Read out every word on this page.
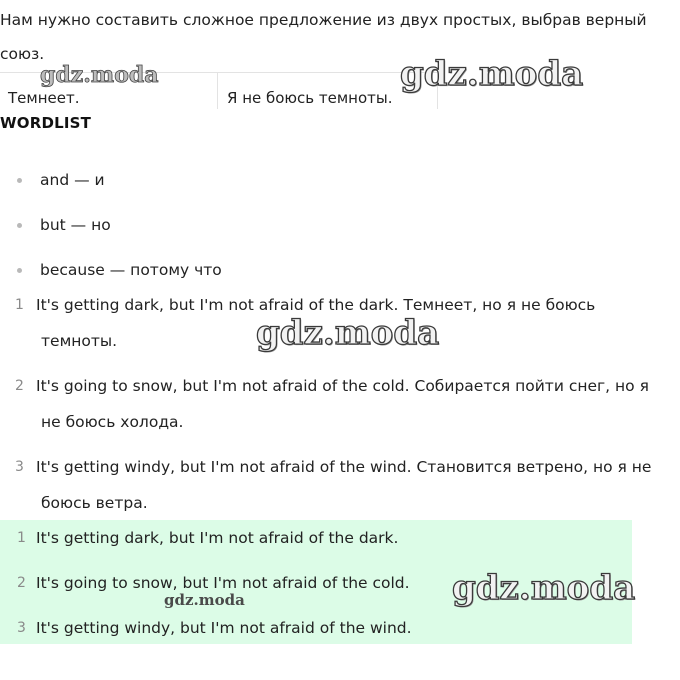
Нам нужно составить сложное предложение из двух простых, выбрав верный
союз.
Темнеет.	Я не боюсь темноты.
WORDLIST
and — и
but — но
because — потому что
1 It's getting dark, but I'm not afraid of the dark. Темнеет, но я не боюсь
темноты.
2 It's going to snow, but I'm not afraid of the cold. Собирается пойти снег, но я
не боюсь холода.
3 It's getting windy, but I'm not afraid of the wind. Становится ветрено, но я не
боюсь ветра.
1 It's getting dark, but I'm not afraid of the dark.
2 It's going to snow, but I'm not afraid of the cold.
3 It's getting windy, but I'm not afraid of the wind.
gdz.moda	gdz.moda
gdz.moda
gdz.moda
gdz.moda
